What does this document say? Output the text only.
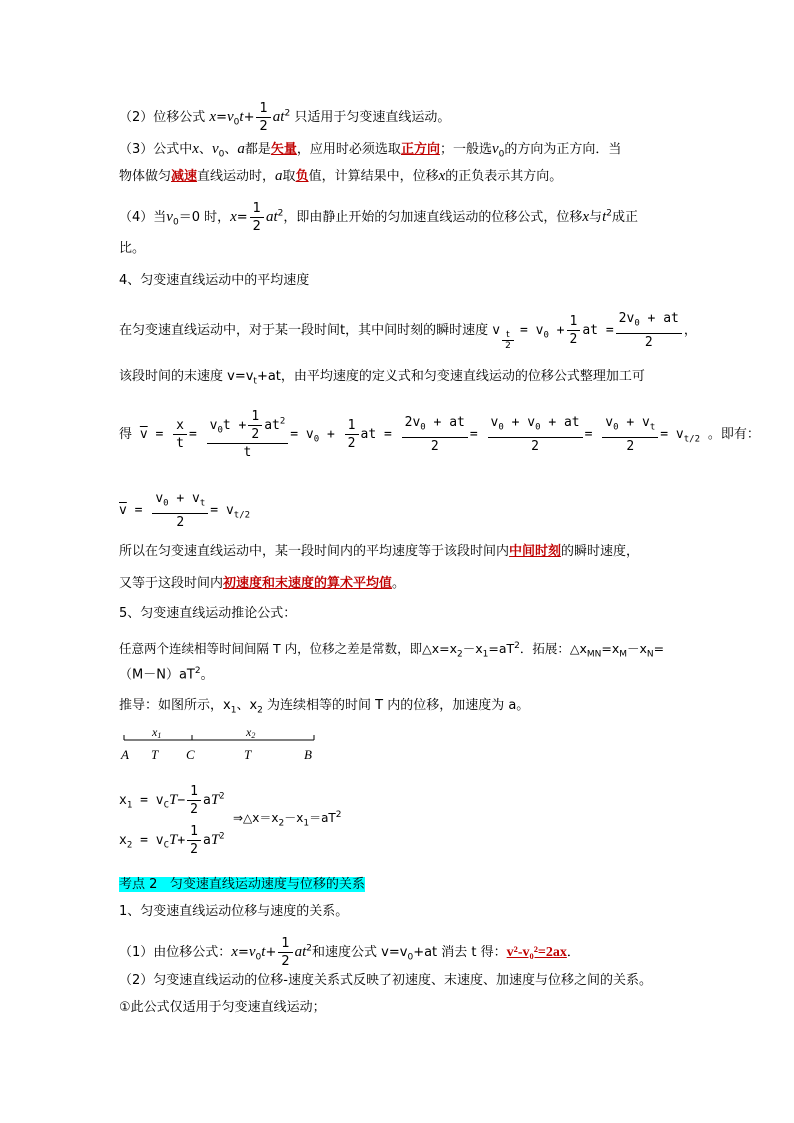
（2）位移公式 $x=v_0t+ \frac{1}{2} at^2$ 只适用于匀变速直线运动。
（3）公式中x、$v_0$、a都是矢量，应用时必须选取正方向；一般选$v_0$的方向为正方向．当
物体做匀减速直线运动时，a取负值，计算结果中，位移x的正负表示其方向。
（4）当$v_0=0$ 时，$x= \frac{1}{2} at^2$，即由静止开始的匀加速直线运动的位移公式，位移x与$t^2$成正
比。
4、匀变速直线运动中的平均速度
在匀变速直线运动中，对于某一段时间t，其中间时刻的瞬时速度 v
$_{\frac{t}{2}}$
= $v_0 + \frac{1}{2}$ at = $\frac{2v_0 + at}{2}$ ，
该段时间的末速度 $v=v_t+at$，由平均速度的定义式和匀变速直线运动的位移公式整理加工可
得 $\overline{v} = \frac{x}{t} = \frac{v_0t + \frac{1}{2} at^2}{t} = v_0 + \frac{1}{2}$ at = $\frac{2v_0 + at}{2} = \frac{v_0 + v_0 + at}{2} = \frac{v_0 + v_t}{2} = v_{t/2}$ 。即有：
$\overline{v} = \frac{v_0 + v_t}{2} = v_{t/2}$
所以在匀变速直线运动中，某一段时间内的平均速度等于该段时间内中间时刻的瞬时速度，
又等于这段时间内初速度和末速度的算术平均值。
5、匀变速直线运动推论公式：
任意两个连续相等时间间隔 T 内，位移之差是常数，即$\triangle x=x_2-x_1=aT^2$．拓展：$\triangle x_{MN}=x_M-x_N=$
$(M-N)aT^2$。
推导：如图所示，$x_1$、$x_2$ 为连续相等的时间 T 内的位移，加速度为 a。
x1	x2
A T C	T	B
$x_1 = v_CT- \frac{1}{2} aT^2$
$x_2 = v_CT+ \frac{1}{2} aT^2$
$\Rightarrow\triangle x=x_2-x_1=aT^2$
考点 2 匀变速直线运动速度与位移的关系
1、匀变速直线运动位移与速度的关系。
（1）由位移公式：$x=v_0t+ \frac{1}{2} at^2$和速度公式 $v=v_0+at$ 消去 t 得：v²-v₀²=2ax．
（2）匀变速直线运动的位移-速度关系式反映了初速度、末速度、加速度与位移之间的关系。
①此公式仅适用于匀变速直线运动；
